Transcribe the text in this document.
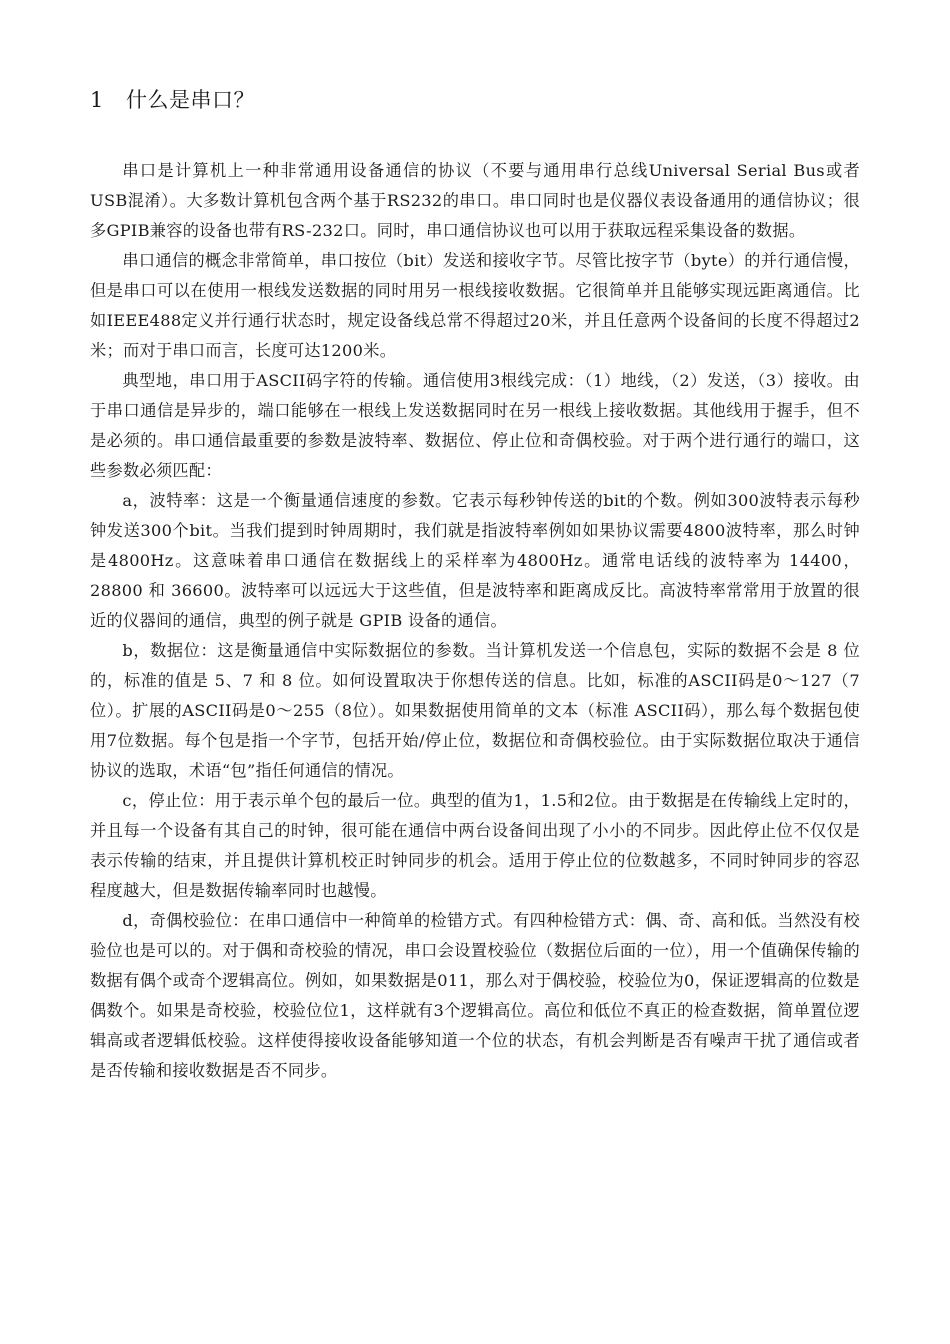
1 什么是串口？

串口是计算机上一种非常通用设备通信的协议（不要与通用串行总线Universal Serial Bus或者USB混淆）。大多数计算机包含两个基于RS232的串口。串口同时也是仪器仪表设备通用的通信协议；很多GPIB兼容的设备也带有RS-232口。同时，串口通信协议也可以用于获取远程采集设备的数据。

串口通信的概念非常简单，串口按位（bit）发送和接收字节。尽管比按字节（byte）的并行通信慢，但是串口可以在使用一根线发送数据的同时用另一根线接收数据。它很简单并且能够实现远距离通信。比如IEEE488定义并行通行状态时，规定设备线总常不得超过20米，并且任意两个设备间的长度不得超过2米；而对于串口而言，长度可达1200米。

典型地，串口用于ASCII码字符的传输。通信使用3根线完成：（1）地线，（2）发送，（3）接收。由于串口通信是异步的，端口能够在一根线上发送数据同时在另一根线上接收数据。其他线用于握手，但不是必须的。串口通信最重要的参数是波特率、数据位、停止位和奇偶校验。对于两个进行通行的端口，这些参数必须匹配：

a，波特率：这是一个衡量通信速度的参数。它表示每秒钟传送的bit的个数。例如300波特表示每秒钟发送300个bit。当我们提到时钟周期时，我们就是指波特率例如如果协议需要4800波特率，那么时钟是4800Hz。这意味着串口通信在数据线上的采样率为4800Hz。通常电话线的波特率为 14400，28800 和 36600。波特率可以远远大于这些值，但是波特率和距离成反比。高波特率常常用于放置的很近的仪器间的通信，典型的例子就是 GPIB 设备的通信。

b，数据位：这是衡量通信中实际数据位的参数。当计算机发送一个信息包，实际的数据不会是 8 位的，标准的值是 5、7 和 8 位。如何设置取决于你想传送的信息。比如，标准的ASCII码是0～127（7位）。扩展的ASCII码是0～255（8位）。如果数据使用简单的文本（标准 ASCII码），那么每个数据包使用7位数据。每个包是指一个字节，包括开始/停止位，数据位和奇偶校验位。由于实际数据位取决于通信协议的选取，术语“包”指任何通信的情况。

c，停止位：用于表示单个包的最后一位。典型的值为1，1.5和2位。由于数据是在传输线上定时的，并且每一个设备有其自己的时钟，很可能在通信中两台设备间出现了小小的不同步。因此停止位不仅仅是表示传输的结束，并且提供计算机校正时钟同步的机会。适用于停止位的位数越多，不同时钟同步的容忍程度越大，但是数据传输率同时也越慢。

d，奇偶校验位：在串口通信中一种简单的检错方式。有四种检错方式：偶、奇、高和低。当然没有校验位也是可以的。对于偶和奇校验的情况，串口会设置校验位（数据位后面的一位），用一个值确保传输的数据有偶个或奇个逻辑高位。例如，如果数据是011，那么对于偶校验，校验位为0，保证逻辑高的位数是偶数个。如果是奇校验，校验位位1，这样就有3个逻辑高位。高位和低位不真正的检查数据，简单置位逻辑高或者逻辑低校验。这样使得接收设备能够知道一个位的状态，有机会判断是否有噪声干扰了通信或者是否传输和接收数据是否不同步。
